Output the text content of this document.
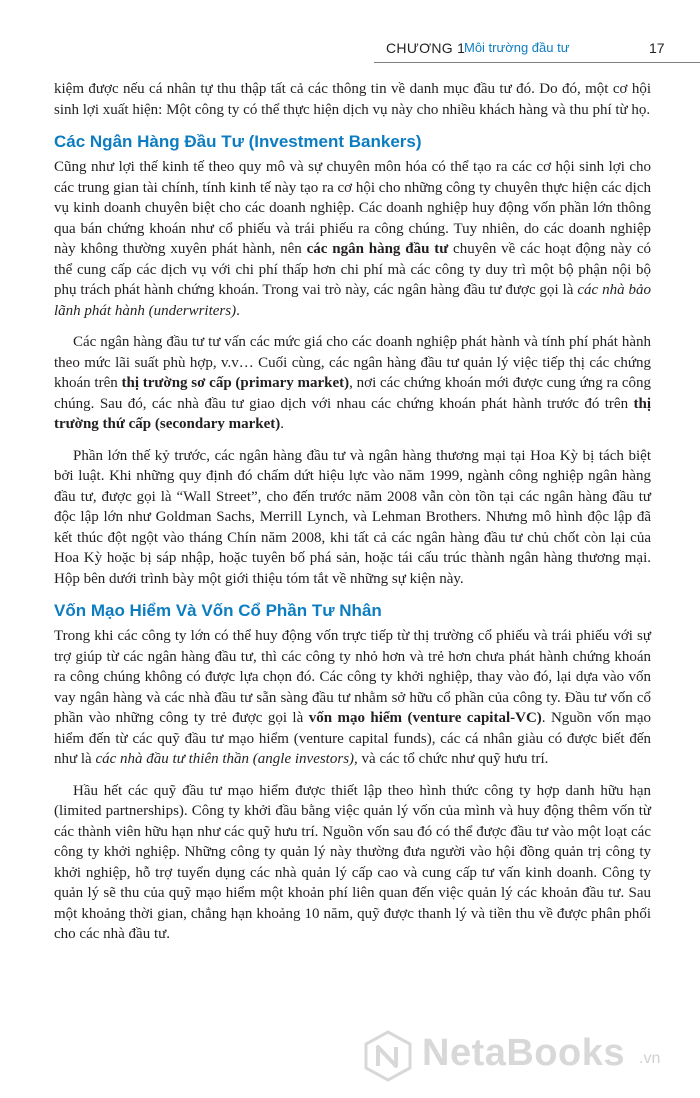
CHƯƠNG 1
Môi trường đầu tư	17

kiệm được nếu cá nhân tự thu thập tất cả các thông tin về danh mục đầu tư đó. Do đó, một cơ hội sinh lợi xuất hiện: Một công ty có thể thực hiện dịch vụ này cho nhiều khách hàng và thu phí từ họ.

Các Ngân Hàng Đầu Tư (Investment Bankers)

Cũng như lợi thế kinh tế theo quy mô và sự chuyên môn hóa có thể tạo ra các cơ hội sinh lợi cho các trung gian tài chính, tính kinh tế này tạo ra cơ hội cho những công ty chuyên thực hiện các dịch vụ kinh doanh chuyên biệt cho các doanh nghiệp. Các doanh nghiệp huy động vốn phần lớn thông qua bán chứng khoán như cổ phiếu và trái phiếu ra công chúng. Tuy nhiên, do các doanh nghiệp này không thường xuyên phát hành, nên các ngân hàng đầu tư chuyên về các hoạt động này có thể cung cấp các dịch vụ với chi phí thấp hơn chi phí mà các công ty duy trì một bộ phận nội bộ phụ trách phát hành chứng khoán. Trong vai trò này, các ngân hàng đầu tư được gọi là các nhà bảo lãnh phát hành (underwriters).

Các ngân hàng đầu tư tư vấn các mức giá cho các doanh nghiệp phát hành và tính phí phát hành theo mức lãi suất phù hợp, v.v… Cuối cùng, các ngân hàng đầu tư quản lý việc tiếp thị các chứng khoán trên thị trường sơ cấp (primary market), nơi các chứng khoán mới được cung ứng ra công chúng. Sau đó, các nhà đầu tư giao dịch với nhau các chứng khoán phát hành trước đó trên thị trường thứ cấp (secondary market).

Phần lớn thế kỷ trước, các ngân hàng đầu tư và ngân hàng thương mại tại Hoa Kỳ bị tách biệt bởi luật. Khi những quy định đó chấm dứt hiệu lực vào năm 1999, ngành công nghiệp ngân hàng đầu tư, được gọi là “Wall Street”, cho đến trước năm 2008 vẫn còn tồn tại các ngân hàng đầu tư độc lập lớn như Goldman Sachs, Merrill Lynch, và Lehman Brothers. Nhưng mô hình độc lập đã kết thúc đột ngột vào tháng Chín năm 2008, khi tất cả các ngân hàng đầu tư chủ chốt còn lại của Hoa Kỳ hoặc bị sáp nhập, hoặc tuyên bố phá sản, hoặc tái cấu trúc thành ngân hàng thương mại. Hộp bên dưới trình bày một giới thiệu tóm tắt về những sự kiện này.

Vốn Mạo Hiểm Và Vốn Cổ Phần Tư Nhân

Trong khi các công ty lớn có thể huy động vốn trực tiếp từ thị trường cổ phiếu và trái phiếu với sự trợ giúp từ các ngân hàng đầu tư, thì các công ty nhỏ hơn và trẻ hơn chưa phát hành chứng khoán ra công chúng không có được lựa chọn đó. Các công ty khởi nghiệp, thay vào đó, lại dựa vào vốn vay ngân hàng và các nhà đầu tư sẵn sàng đầu tư nhằm sở hữu cổ phần của công ty. Đầu tư vốn cổ phần vào những công ty trẻ được gọi là vốn mạo hiểm (venture capital-VC). Nguồn vốn mạo hiểm đến từ các quỹ đầu tư mạo hiểm (venture capital funds), các cá nhân giàu có được biết đến như là các nhà đầu tư thiên thần (angle investors), và các tổ chức như quỹ hưu trí.

Hầu hết các quỹ đầu tư mạo hiểm được thiết lập theo hình thức công ty hợp danh hữu hạn (limited partnerships). Công ty khởi đầu bằng việc quản lý vốn của mình và huy động thêm vốn từ các thành viên hữu hạn như các quỹ hưu trí. Nguồn vốn sau đó có thể được đầu tư vào một loạt các công ty khởi nghiệp. Những công ty quản lý này thường đưa người vào hội đồng quản trị công ty khởi nghiệp, hỗ trợ tuyển dụng các nhà quản lý cấp cao và cung cấp tư vấn kinh doanh. Công ty quản lý sẽ thu của quỹ mạo hiểm một khoản phí liên quan đến việc quản lý các khoản đầu tư. Sau một khoảng thời gian, chẳng hạn khoảng 10 năm, quỹ được thanh lý và tiền thu về được phân phối cho các nhà đầu tư.

NetaBooks .vn
